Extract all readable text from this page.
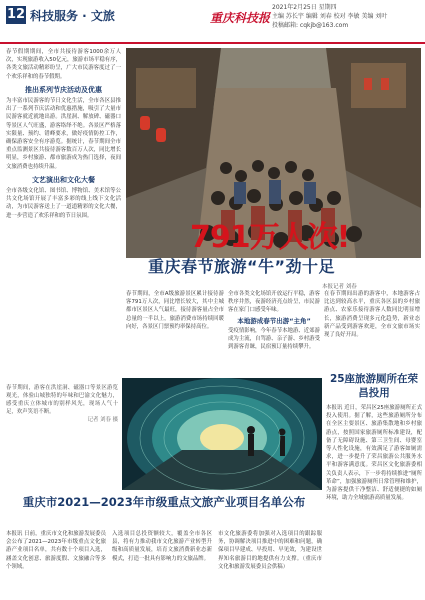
12 科技服务 · 文旅	重庆科技报
2021年2月25日 星期四
主编 苏长宇 编辑 刘春 校对 李敏 美编 刘叶
投稿邮箱: cqkjb@163.com

春节假期期间，全市共接待游客1000余万人次，实现旅游收入50亿元，旅游市场平稳有序，各类文旅活动精彩纷呈，广大市民游客度过了一个欢乐祥和的春节假期。

推出系列节庆活动及优惠

为丰富市民游客的节日文化生活，全市各区县推出了一系列节庆活动和优惠措施，吸引了大量市民游客就近就地出游。洪崖洞、解放碑、磁器口等景区人气旺盛，游客络绎不绝。各景区严格落实限量、预约、错峰要求，做好疫情防控工作，确保游客安全有序游览。据统计，春节期间全市重点监测景区共接待游客数百万人次，同比增长明显，乡村旅游、都市旅游成为热门选择，夜间文旅消费也持续升温。

文艺演出和文化大餐

全市各级文化馆、图书馆、博物馆、美术馆等公共文化场馆开展了丰富多彩的线上线下文化活动，为市民游客送上了一道道精彩的文化大餐，进一步营造了欢乐祥和的节日氛围。

791万人次!
重庆春节旅游“牛”劲十足
本报记者 刘春

春节期间，全市A级旅游景区累计接待游客791万人次，同比增长较大，其中主城都市区景区人气最旺，接待游客量占全市总量的一半以上，旅游消费市场持续回暖向好，各景区门票预约率保持高位。

全市各类文化场馆开放运行平稳，游客秩序井然，夜游经济亮点纷呈，市民游客在家门口感受年味。

本地游成春节出游“主角”

受疫情影响，今年春节本地游、近郊游成为主流，自驾游、亲子游、乡村游受到游客青睐，民宿预订量持续攀升。

在春节期间出游的游客中，本地游客占比达到较高水平，重庆各区县的乡村旅游点、农家乐接待游客人数同比明显增长，旅游消费呈现多元化趋势，新业态新产品受到游客欢迎，全市文旅市场实现了良好开局。

春节期间，游客在洪崖洞、磁器口等景区游览观光，体验山城独特的年味和巴渝文化魅力，感受重庆立体城市的别样风光，现场人气十足，欢声笑语不断。

记者 刘春 摄

25座旅游厕所在荣昌投用

本报讯 近日，荣昌区25座旅游厕所正式投入使用。据了解，这些旅游厕所分布在全区主要景区、旅游集散地和乡村旅游点，按照国家旅游厕所标准建设，配备了无障碍设施、第三卫生间、母婴室等人性化设施，有效满足了游客如厕需求，进一步提升了荣昌旅游公共服务水平和游客满意度。荣昌区文化旅游委相关负责人表示，下一步将持续推进“厕所革命”，加强旅游厕所日常管理和维护，为游客提供干净整洁、舒适便捷的如厕环境，助力全域旅游高质量发展。

重庆市2021—2023年市级重点文旅产业项目名单公布

本报讯 日前，重庆市文化和旅游发展委员会公布了2021—2023年市级重点文化旅游产业项目名单，共有数十个项目入选，涵盖文化创意、旅游度假、文旅融合等多个领域。

入选项目总投资额较大，覆盖全市各区县，将有力推动我市文化旅游产业转型升级和高质量发展，培育文旅消费新业态新模式，打造一批具有影响力的文旅品牌。

市文化旅游委将加强对入选项目的跟踪服务，协调解决项目推进中的困难和问题，确保项目早建成、早投用、早见效，为建设世界知名旅游目的地提供有力支撑。（重庆市文化和旅游发展委员会供稿）
